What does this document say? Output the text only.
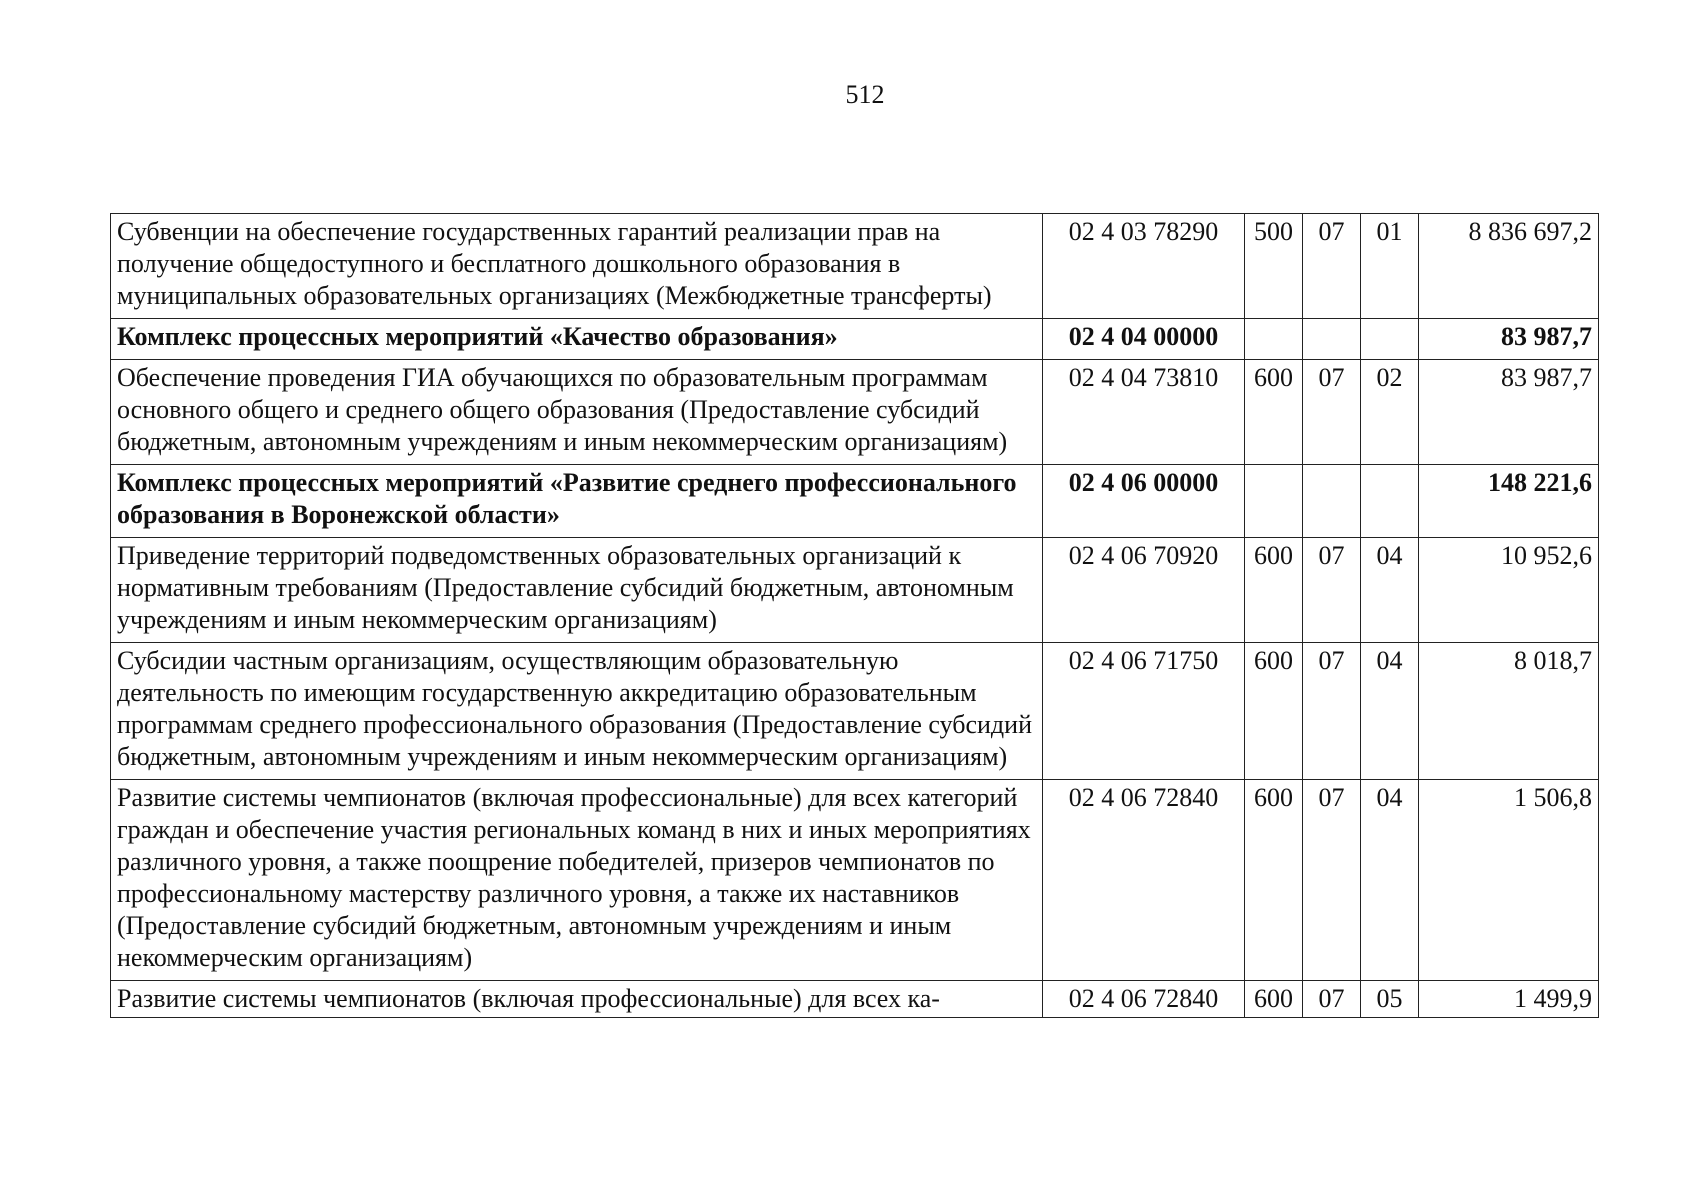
512
Субвенции на обеспечение государственных гарантий реализации прав на получение общедоступного и бесплатного дошкольного образования в муниципальных образовательных организациях (Межбюджетные трансферты)	02 4 03 78290	500	07	01	8 836 697,2
Комплекс процессных мероприятий «Качество образования»	02 4 04 00000				83 987,7
Обеспечение проведения ГИА обучающихся по образовательным программам основного общего и среднего общего образования (Предоставление субсидий бюджетным, автономным учреждениям и иным некоммерческим организациям)	02 4 04 73810	600	07	02	83 987,7
Комплекс процессных мероприятий «Развитие среднего профессионального образования в Воронежской области»	02 4 06 00000				148 221,6
Приведение территорий подведомственных образовательных организаций к нормативным требованиям (Предоставление субсидий бюджетным, автономным учреждениям и иным некоммерческим организациям)	02 4 06 70920	600	07	04	10 952,6
Субсидии частным организациям, осуществляющим образовательную деятельность по имеющим государственную аккредитацию образовательным программам среднего профессионального образования (Предоставление субсидий бюджетным, автономным учреждениям и иным некоммерческим организациям)	02 4 06 71750	600	07	04	8 018,7
Развитие системы чемпионатов (включая профессиональные) для всех категорий граждан и обеспечение участия региональных команд в них и иных мероприятиях различного уровня, а также поощрение победителей, призеров чемпионатов по профессиональному мастерству различного уровня, а также их наставников (Предоставление субсидий бюджетным, автономным учреждениям и иным некоммерческим организациям)	02 4 06 72840	600	07	04	1 506,8
Развитие системы чемпионатов (включая профессиональные) для всех ка-	02 4 06 72840	600	07	05	1 499,9
